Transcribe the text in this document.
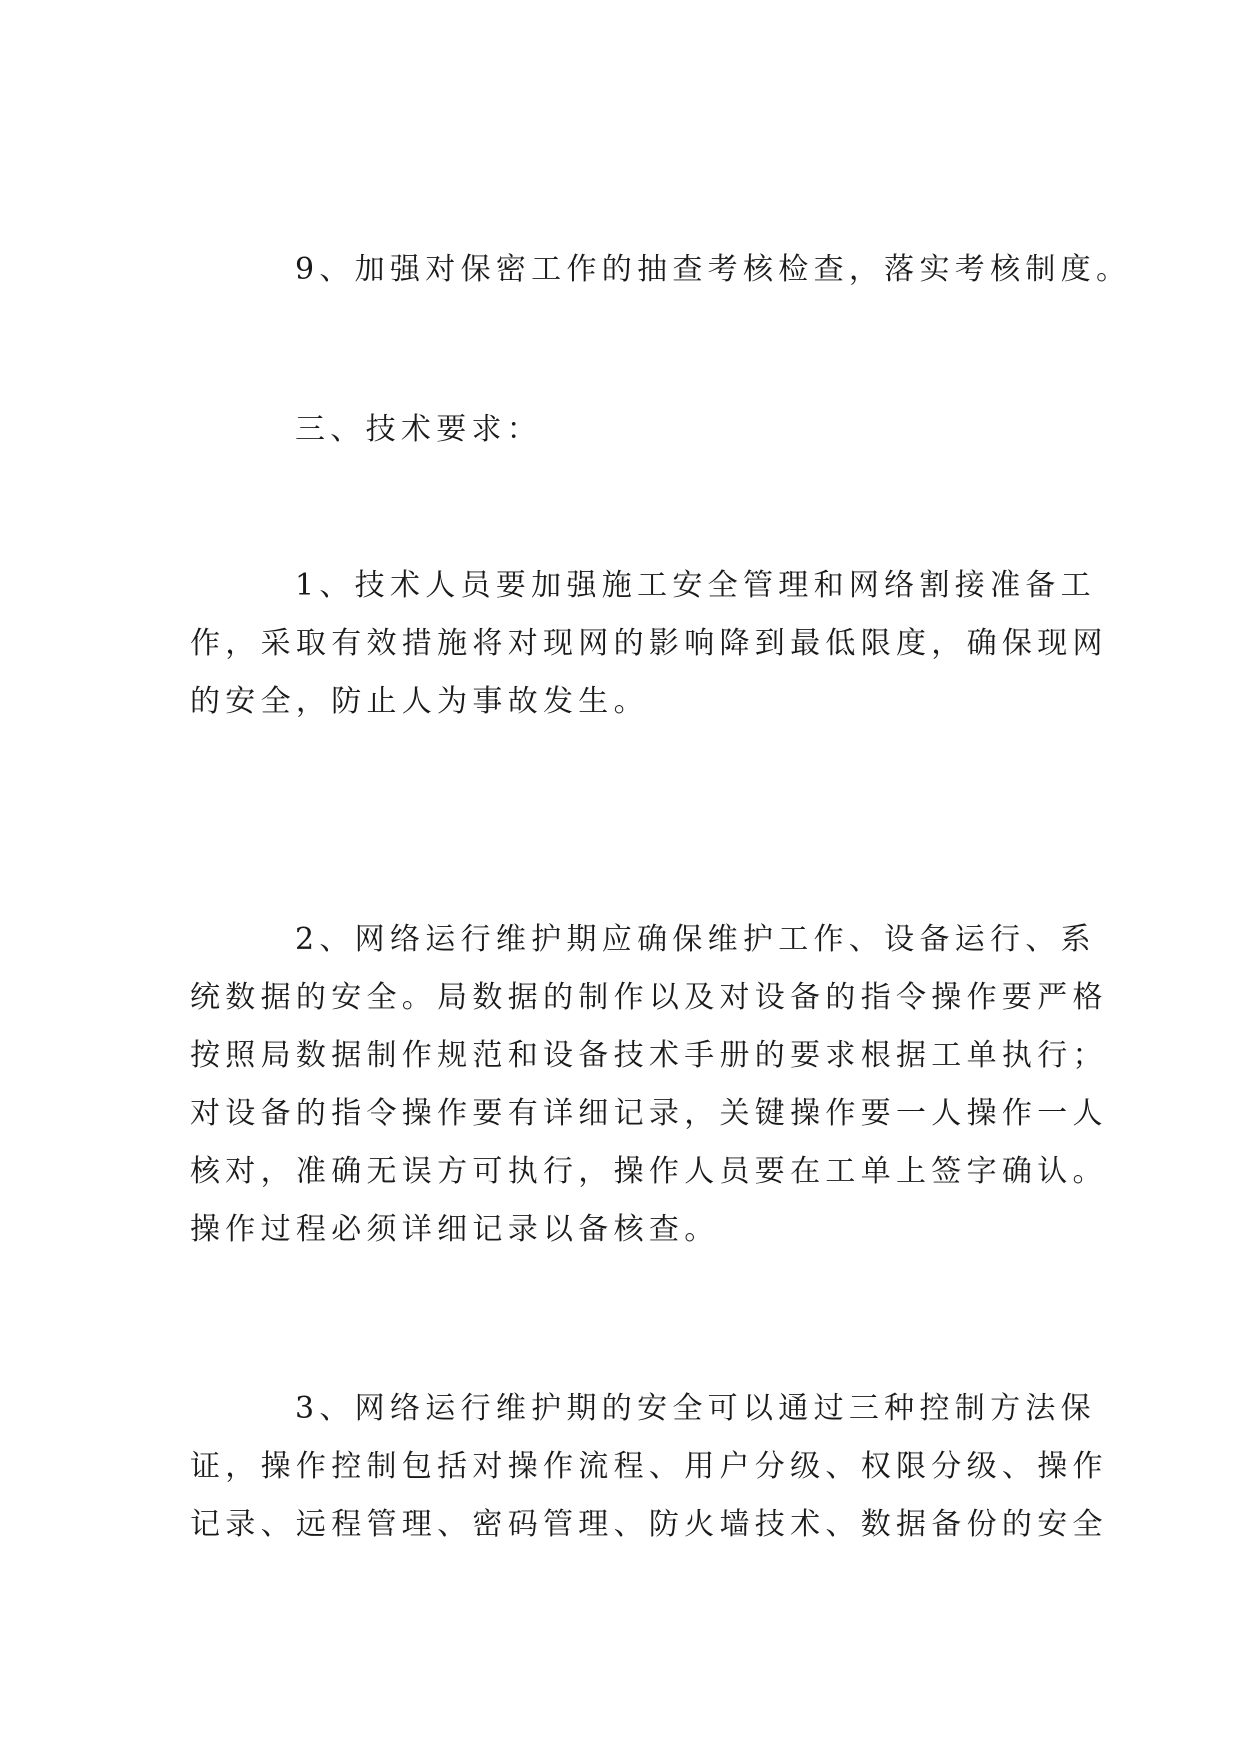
9、加强对保密工作的抽查考核检查，落实考核制度。
三、技术要求：
1、技术人员要加强施工安全管理和网络割接准备工
作，采取有效措施将对现网的影响降到最低限度，确保现网
的安全，防止人为事故发生。
2、网络运行维护期应确保维护工作、设备运行、系
统数据的安全。局数据的制作以及对设备的指令操作要严格
按照局数据制作规范和设备技术手册的要求根据工单执行；
对设备的指令操作要有详细记录，关键操作要一人操作一人
核对，准确无误方可执行，操作人员要在工单上签字确认。
操作过程必须详细记录以备核查。
3、网络运行维护期的安全可以通过三种控制方法保
证，操作控制包括对操作流程、用户分级、权限分级、操作
记录、远程管理、密码管理、防火墙技术、数据备份的安全
